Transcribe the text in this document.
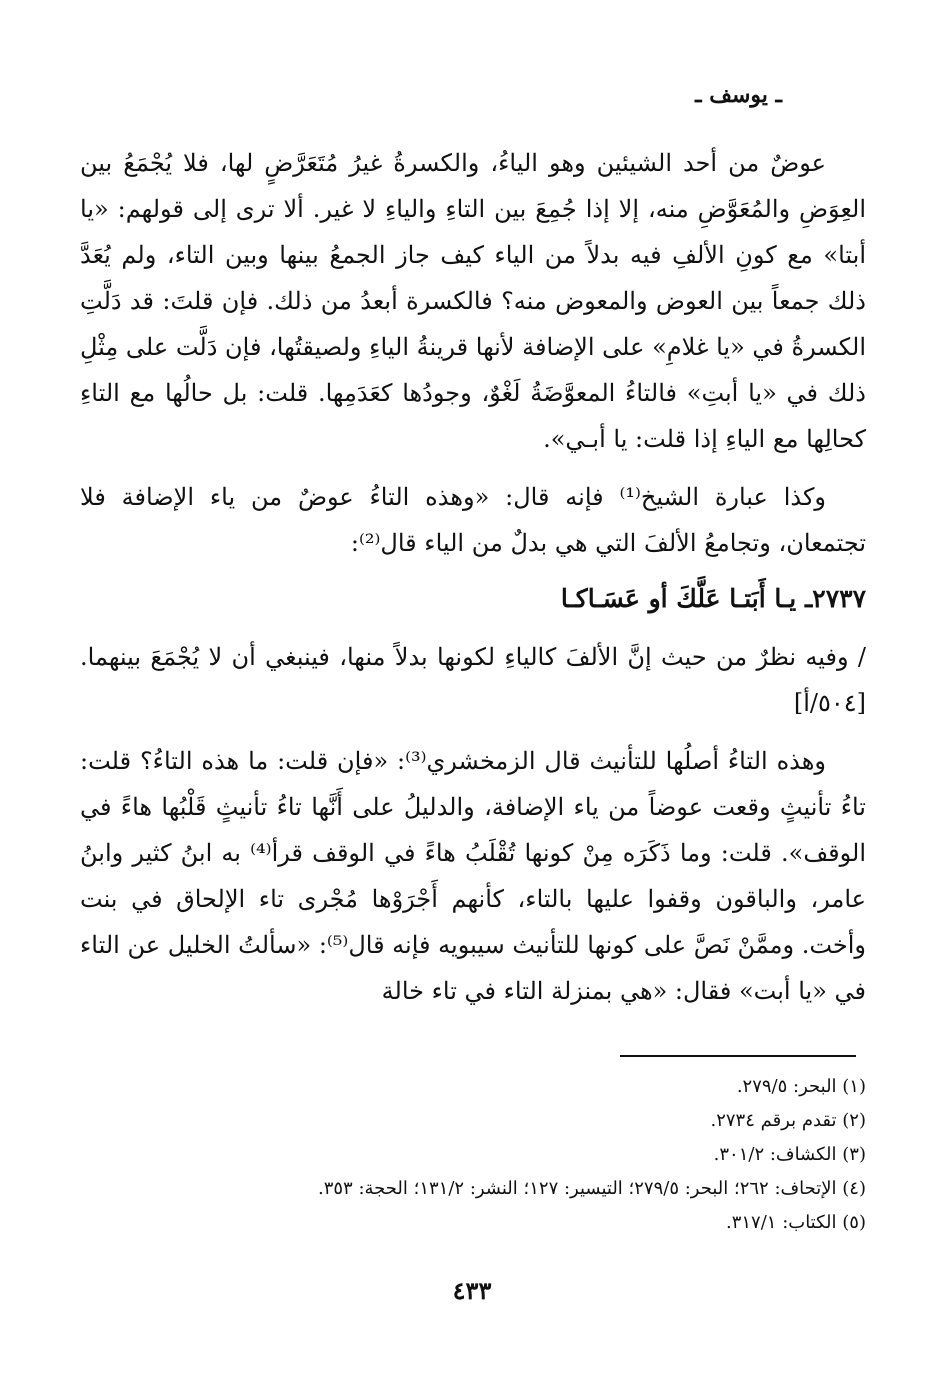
ـ يوسف ـ

عوضٌ من أحد الشيئين وهو الياءُ، والكسرةُ غيرُ مُتَعَرَّضٍ لها، فلا يُجْمَعُ بين العِوَضِ والمُعَوَّضِ منه، إلا إذا جُمِعَ بين التاءِ والياءِ لا غير. ألا ترى إلى قولهم: «يا أبتا» مع كونِ الألفِ فيه بدلاً من الياء كيف جاز الجمعُ بينها وبين التاء، ولم يُعَدَّ ذلك جمعاً بين العوض والمعوض منه؟ فالكسرة أبعدُ من ذلك. فإن قلتَ: قد دَلَّتِ الكسرةُ في «يا غلامِ» على الإضافة لأنها قرينةُ الياءِ ولصيقتُها، فإن دَلَّت على مِثْلِ ذلك في «يا أبتِ» فالتاءُ المعوَّضَةُ لَغْوٌ، وجودُها كعَدَمِها. قلت: بل حالُها مع التاءِ كحالِها مع الياءِ إذا قلت: يا أبـي».

وكذا عبارة الشيخ⁽¹⁾ فإنه قال: «وهذه التاءُ عوضٌ من ياء الإضافة فلا تجتمعان، وتجامعُ الألفَ التي هي بدلٌ من الياء قال⁽²⁾:

٢٧٣٧ـ يـا أَبَتـا عَلَّكَ أو عَسَـاكـا

/ وفيه نظرٌ من حيث إنَّ الألفَ كالياءِ لكونها بدلاً منها، فينبغي أن لا يُجْمَعَ بينهما. [٥٠٤/أ]

وهذه التاءُ أصلُها للتأنيث قال الزمخشري⁽³⁾: «فإن قلت: ما هذه التاءُ؟ قلت: تاءُ تأنيثٍ وقعت عوضاً من ياء الإضافة، والدليلُ على أَنَّها تاءُ تأنيثٍ قَلْبُها هاءً في الوقف». قلت: وما ذَكَرَه مِنْ كونها تُقْلَبُ هاءً في الوقف قرأ⁽⁴⁾ به ابنُ كثير وابنُ عامر، والباقون وقفوا عليها بالتاء، كأنهم أَجْرَوْها مُجْرى تاء الإلحاق في بنت وأخت. وممَّنْ نَصَّ على كونها للتأنيث سيبويه فإنه قال⁽⁵⁾: «سألتُ الخليل عن التاء في «يا أبت» فقال: «هي بمنزلة التاء في تاء خالة

(١) البحر: ٢٧٩/٥.

(٢) تقدم برقم ٢٧٣٤.

(٣) الكشاف: ٣٠١/٢.

(٤) الإتحاف: ٢٦٢؛ البحر: ٢٧٩/٥؛ التيسير: ١٢٧؛ النشر: ١٣١/٢؛ الحجة: ٣٥٣.

(٥) الكتاب: ٣١٧/١.

٤٣٣
